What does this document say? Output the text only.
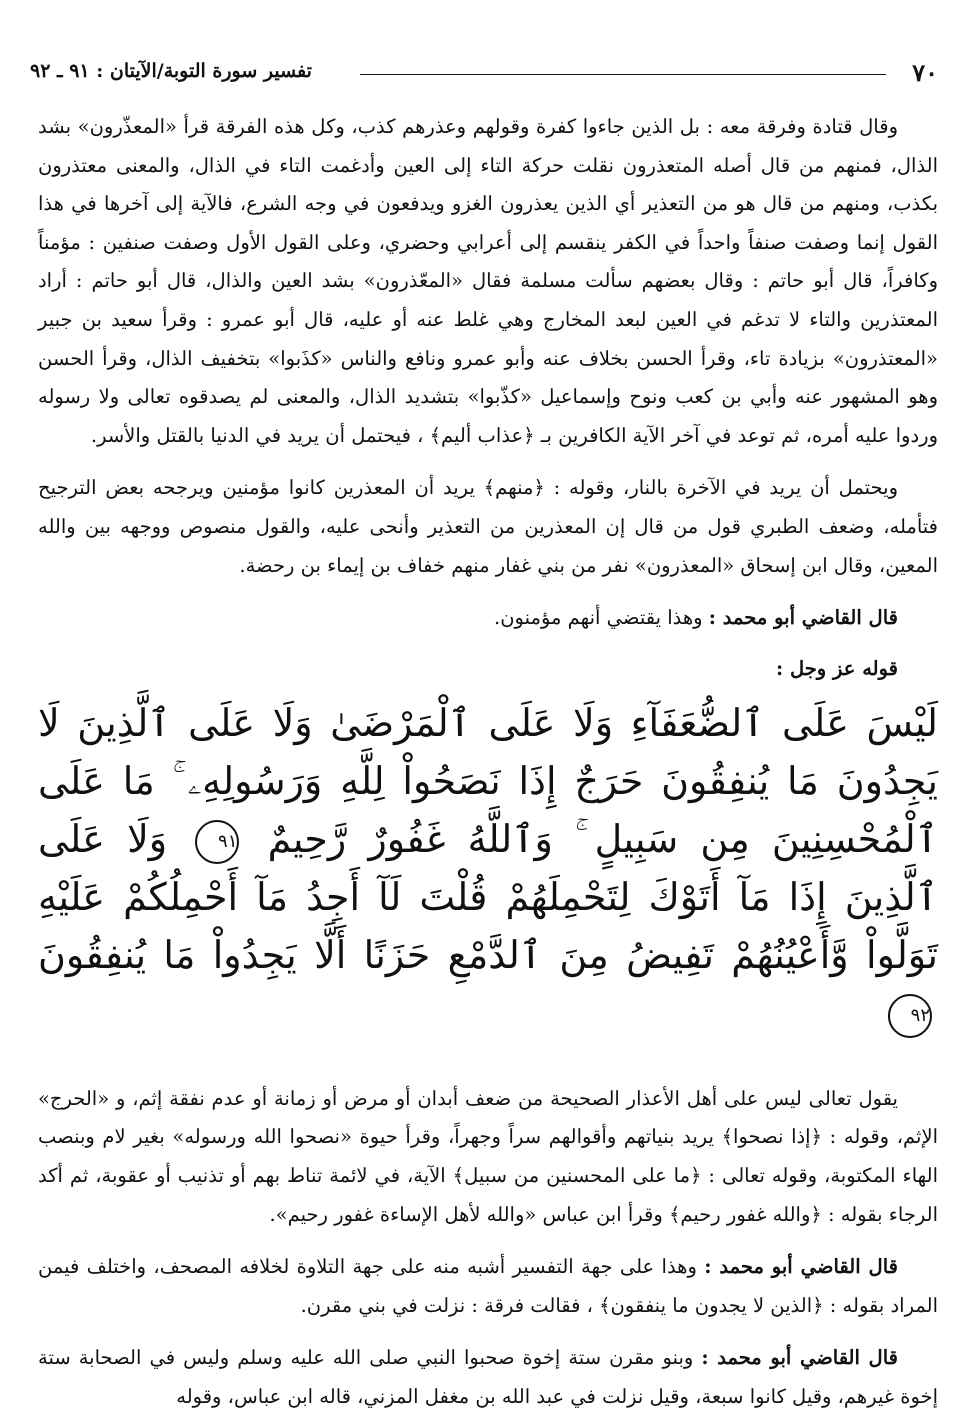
٧٠
تفسير سورة التوبة/الآيتان : ٩١ ـ ٩٢

وقال قتادة وفرقة معه : بل الذين جاءوا كفرة وقولهم وعذرهم كذب، وكل هذه الفرقة قرأ «المعذّرون» بشد الذال، فمنهم من قال أصله المتعذرون نقلت حركة التاء إلى العين وأدغمت التاء في الذال، والمعنى معتذرون بكذب، ومنهم من قال هو من التعذير أي الذين يعذرون الغزو ويدفعون في وجه الشرع، فالآية إلى آخرها في هذا القول إنما وصفت صنفاً واحداً في الكفر ينقسم إلى أعرابي وحضري، وعلى القول الأول وصفت صنفين : مؤمناً وكافراً، قال أبو حاتم : وقال بعضهم سألت مسلمة فقال «المعّذرون» بشد العين والذال، قال أبو حاتم : أراد المعتذرين والتاء لا تدغم في العين لبعد المخارج وهي غلط عنه أو عليه، قال أبو عمرو : وقرأ سعيد بن جبير «المعتذرون» بزيادة تاء، وقرأ الحسن بخلاف عنه وأبو عمرو ونافع والناس «كذَبوا» بتخفيف الذال، وقرأ الحسن وهو المشهور عنه وأبي بن كعب ونوح وإسماعيل «كذّبوا» بتشديد الذال، والمعنى لم يصدقوه تعالى ولا رسوله وردوا عليه أمره، ثم توعد في آخر الآية الكافرين بـ ﴿عذاب أليم﴾ ، فيحتمل أن يريد في الدنيا بالقتل والأسر.

ويحتمل أن يريد في الآخرة بالنار، وقوله : ﴿منهم﴾ يريد أن المعذرين كانوا مؤمنين ويرجحه بعض الترجيح فتأمله، وضعف الطبري قول من قال إن المعذرين من التعذير وأنحى عليه، والقول منصوص ووجهه بين والله المعين، وقال ابن إسحاق «المعذرون» نفر من بني غفار منهم خفاف بن إيماء بن رحضة.

قال القاضي أبو محمد : وهذا يقتضي أنهم مؤمنون.

قوله عز وجل :

لَيْسَ عَلَى ٱلضُّعَفَآءِ وَلَا عَلَى ٱلْمَرْضَىٰ وَلَا عَلَى ٱلَّذِينَ لَا يَجِدُونَ مَا يُنفِقُونَ حَرَجٌ إِذَا نَصَحُواْ لِلَّهِ وَرَسُولِهِۦ ۚ مَا عَلَى ٱلْمُحْسِنِينَ مِن سَبِيلٍ ۚ وَٱللَّهُ غَفُورٌ رَّحِيمٌ ٩١ وَلَا عَلَى ٱلَّذِينَ إِذَا مَآ أَتَوْكَ لِتَحْمِلَهُمْ قُلْتَ لَآ أَجِدُ مَآ أَحْمِلُكُمْ عَلَيْهِ تَوَلَّواْ وَّأَعْيُنُهُمْ تَفِيضُ مِنَ ٱلدَّمْعِ حَزَنًا أَلَّا يَجِدُواْ مَا يُنفِقُونَ ٩٢

يقول تعالى ليس على أهل الأعذار الصحيحة من ضعف أبدان أو مرض أو زمانة أو عدم نفقة إثم، و «الحرج» الإثم، وقوله : ﴿إذا نصحوا﴾ يريد بنياتهم وأقوالهم سراً وجهراً، وقرأ حيوة «نصحوا الله ورسوله» بغير لام وبنصب الهاء المكتوبة، وقوله تعالى : ﴿ما على المحسنين من سبيل﴾ الآية، في لائمة تناط بهم أو تذنيب أو عقوبة، ثم أكد الرجاء بقوله : ﴿والله غفور رحيم﴾ وقرأ ابن عباس «والله لأهل الإساءة غفور رحيم».

قال القاضي أبو محمد : وهذا على جهة التفسير أشبه منه على جهة التلاوة لخلافه المصحف، واختلف فيمن المراد بقوله : ﴿الذين لا يجدون ما ينفقون﴾ ، فقالت فرقة : نزلت في بني مقرن.

قال القاضي أبو محمد : وبنو مقرن ستة إخوة صحبوا النبي صلى الله عليه وسلم وليس في الصحابة ستة إخوة غيرهم، وقيل كانوا سبعة، وقيل نزلت في عبد الله بن مغفل المزني، قاله ابن عباس، وقوله
